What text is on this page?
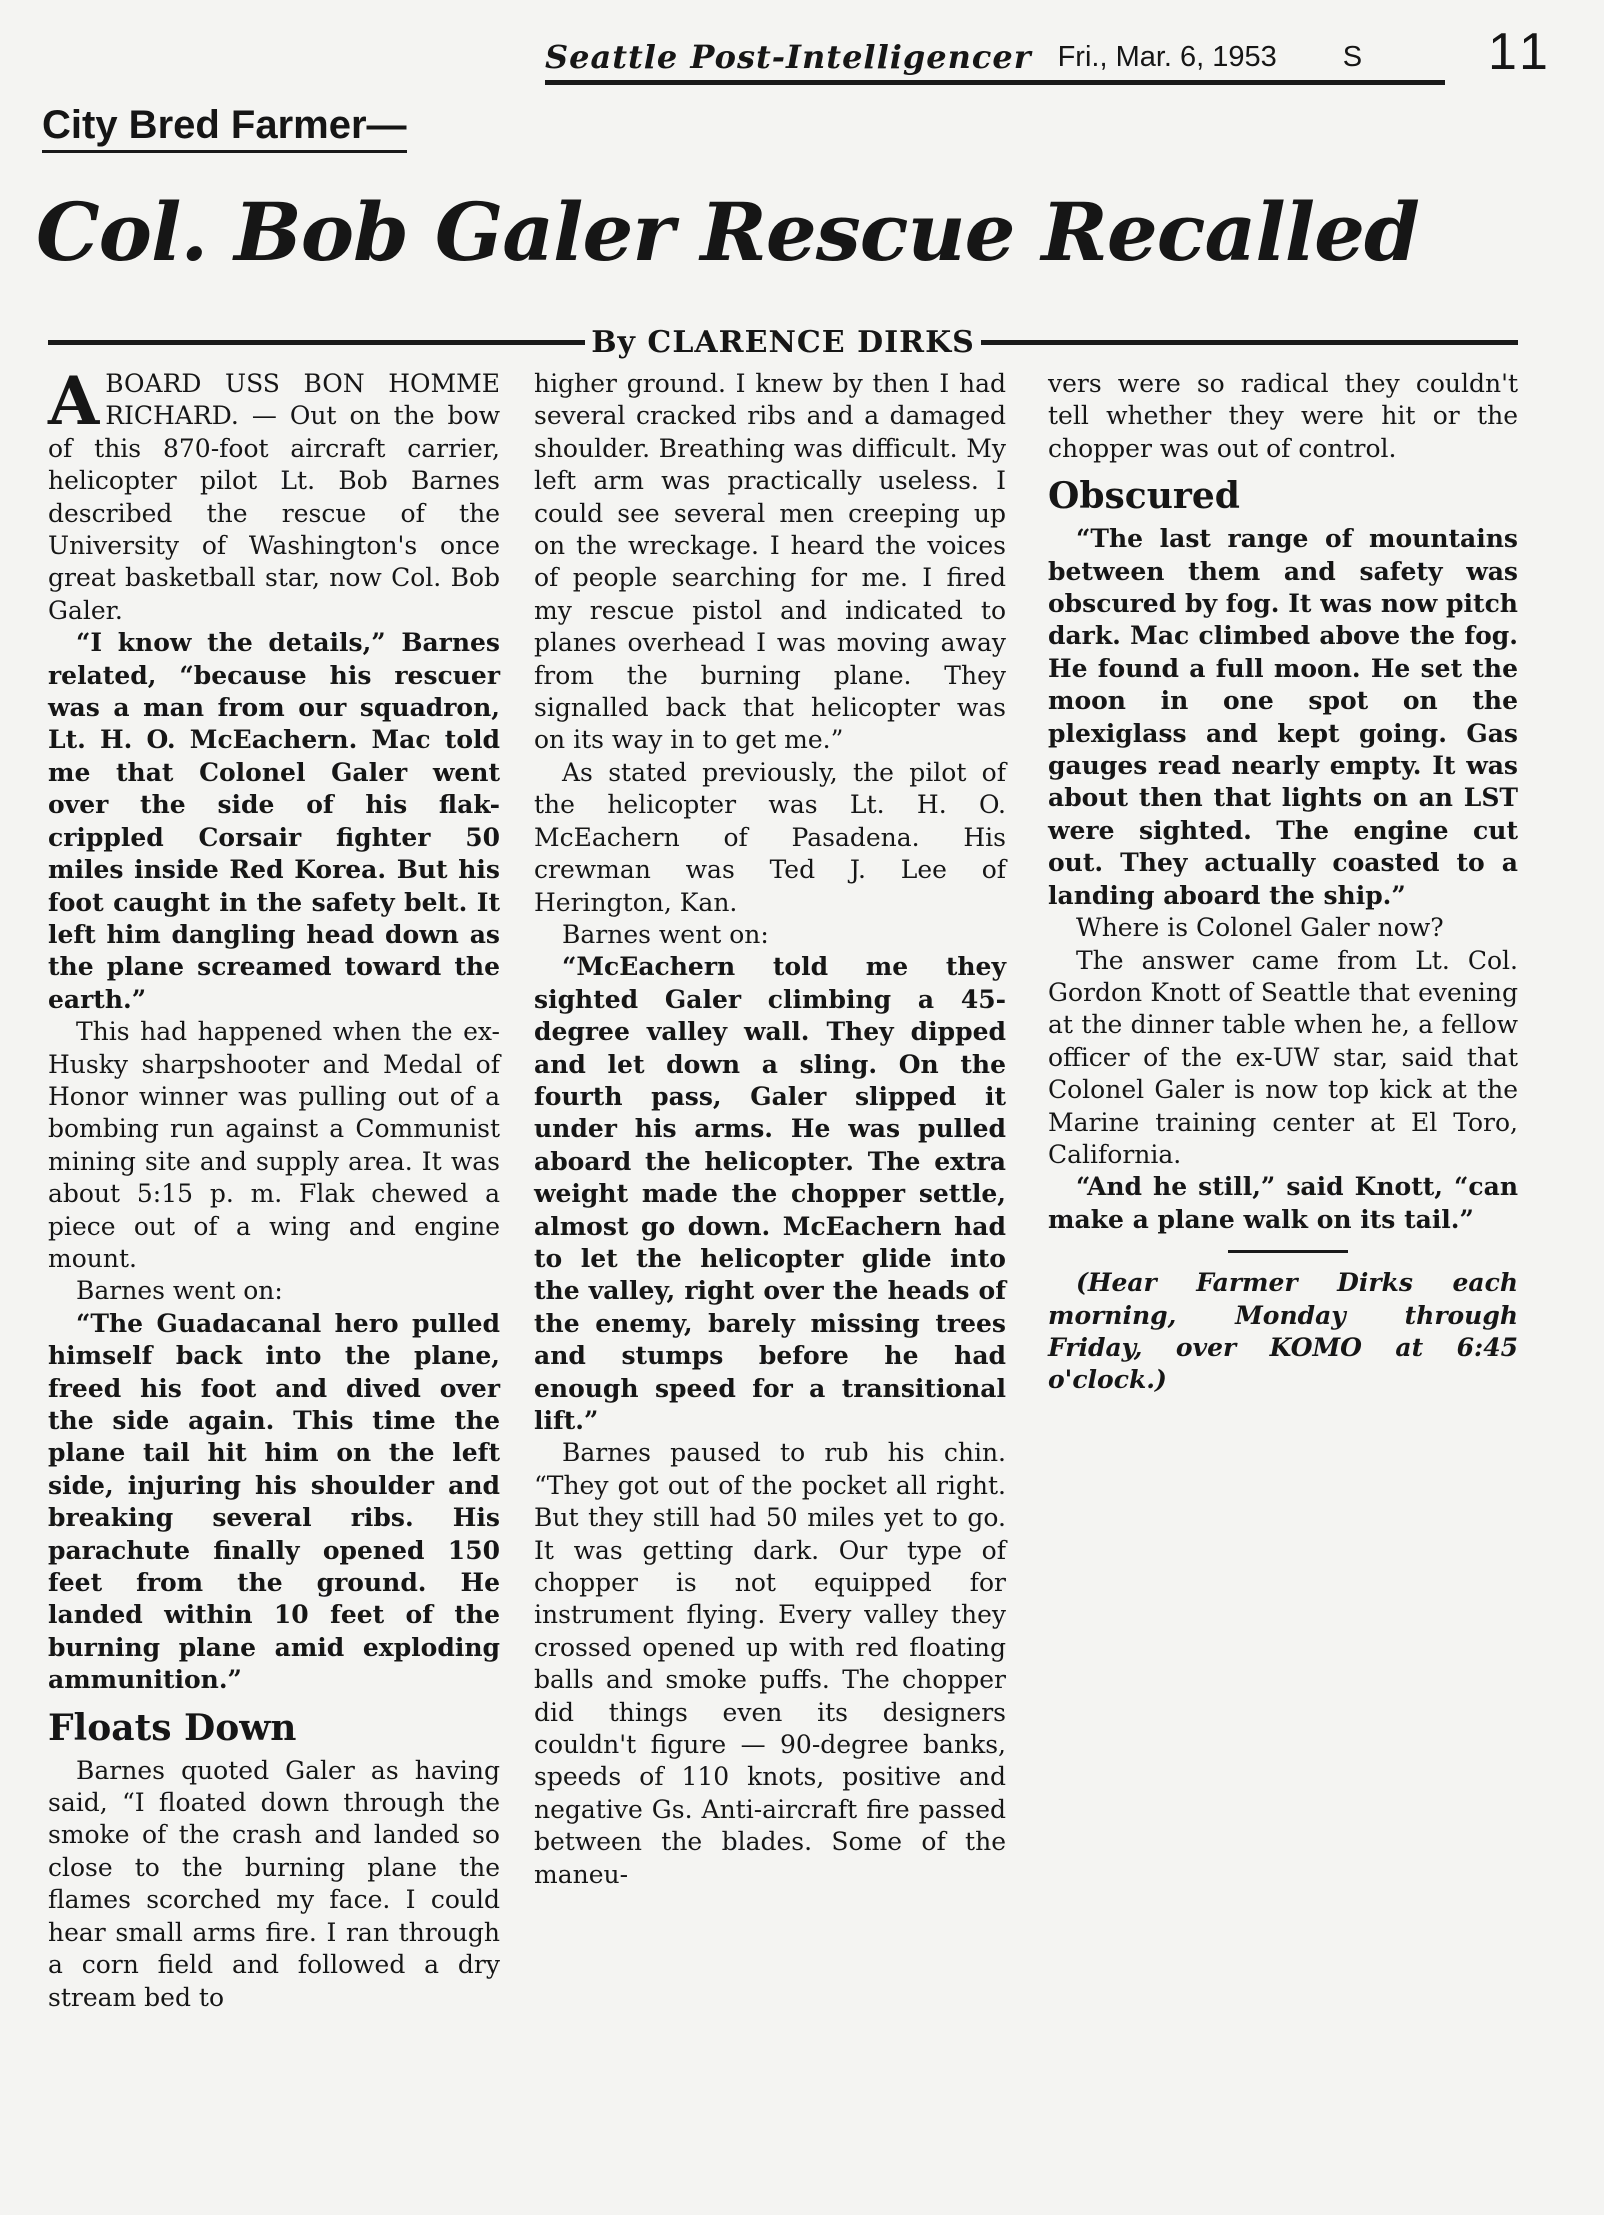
Seattle Post-Intelligencer Fri., Mar. 6, 1953 S 11
City Bred Farmer—
Col. Bob Galer Rescue Recalled
By CLARENCE DIRKS

ABOARD USS BON HOMME RICHARD. — Out on the bow of this 870-foot aircraft carrier, helicopter pilot Lt. Bob Barnes described the rescue of the University of Washington's once great basketball star, now Col. Bob Galer.

“I know the details,” Barnes related, “because his rescuer was a man from our squadron, Lt. H. O. McEachern. Mac told me that Colonel Galer went over the side of his flak-crippled Corsair fighter 50 miles inside Red Korea. But his foot caught in the safety belt. It left him dangling head down as the plane screamed toward the earth.”

This had happened when the ex-Husky sharpshooter and Medal of Honor winner was pulling out of a bombing run against a Communist mining site and supply area. It was about 5:15 p. m. Flak chewed a piece out of a wing and engine mount.

Barnes went on:

“The Guadacanal hero pulled himself back into the plane, freed his foot and dived over the side again. This time the plane tail hit him on the left side, injuring his shoulder and breaking several ribs. His parachute finally opened 150 feet from the ground. He landed within 10 feet of the burning plane amid exploding ammunition.”

Floats Down

Barnes quoted Galer as having said, “I floated down through the smoke of the crash and landed so close to the burning plane the flames scorched my face. I could hear small arms fire. I ran through a corn field and followed a dry stream bed to

higher ground. I knew by then I had several cracked ribs and a damaged shoulder. Breathing was difficult. My left arm was practically useless. I could see several men creeping up on the wreckage. I heard the voices of people searching for me. I fired my rescue pistol and indicated to planes overhead I was moving away from the burning plane. They signalled back that helicopter was on its way in to get me.”

As stated previously, the pilot of the helicopter was Lt. H. O. McEachern of Pasadena. His crewman was Ted J. Lee of Herington, Kan.

Barnes went on:

“McEachern told me they sighted Galer climbing a 45-degree valley wall. They dipped and let down a sling. On the fourth pass, Galer slipped it under his arms. He was pulled aboard the helicopter. The extra weight made the chopper settle, almost go down. McEachern had to let the helicopter glide into the valley, right over the heads of the enemy, barely missing trees and stumps before he had enough speed for a transitional lift.”

Barnes paused to rub his chin. “They got out of the pocket all right. But they still had 50 miles yet to go. It was getting dark. Our type of chopper is not equipped for instrument flying. Every valley they crossed opened up with red floating balls and smoke puffs. The chopper did things even its designers couldn't figure — 90-degree banks, speeds of 110 knots, positive and negative Gs. Anti-aircraft fire passed between the blades. Some of the maneu-

vers were so radical they couldn't tell whether they were hit or the chopper was out of control.

Obscured

“The last range of mountains between them and safety was obscured by fog. It was now pitch dark. Mac climbed above the fog. He found a full moon. He set the moon in one spot on the plexiglass and kept going. Gas gauges read nearly empty. It was about then that lights on an LST were sighted. The engine cut out. They actually coasted to a landing aboard the ship.”

Where is Colonel Galer now?

The answer came from Lt. Col. Gordon Knott of Seattle that evening at the dinner table when he, a fellow officer of the ex-UW star, said that Colonel Galer is now top kick at the Marine training center at El Toro, California.

“And he still,” said Knott, “can make a plane walk on its tail.”

(Hear Farmer Dirks each morning, Monday through Friday, over KOMO at 6:45 o'clock.)
